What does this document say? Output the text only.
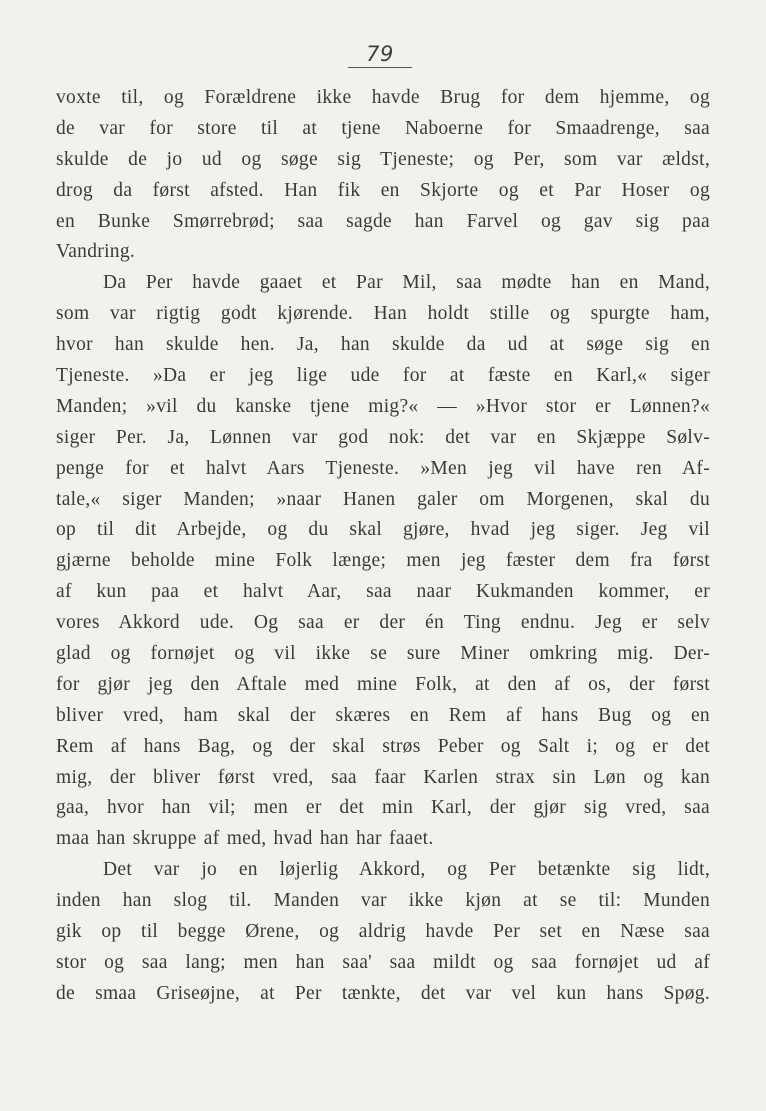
79
voxte til, og Forældrene ikke havde Brug for dem hjemme, og
de var for store til at tjene Naboerne for Smaadrenge, saa
skulde de jo ud og søge sig Tjeneste; og Per, som var ældst,
drog da først afsted. Han fik en Skjorte og et Par Hoser og
en Bunke Smørrebrød; saa sagde han Farvel og gav sig paa
Vandring.
Da Per havde gaaet et Par Mil, saa mødte han en Mand,
som var rigtig godt kjørende. Han holdt stille og spurgte ham,
hvor han skulde hen. Ja, han skulde da ud at søge sig en
Tjeneste. »Da er jeg lige ude for at fæste en Karl,« siger
Manden; »vil du kanske tjene mig?« — »Hvor stor er Lønnen?«
siger Per. Ja, Lønnen var god nok: det var en Skjæppe Sølv-
penge for et halvt Aars Tjeneste. »Men jeg vil have ren Af-
tale,« siger Manden; »naar Hanen galer om Morgenen, skal du
op til dit Arbejde, og du skal gjøre, hvad jeg siger. Jeg vil
gjærne beholde mine Folk længe; men jeg fæster dem fra først
af kun paa et halvt Aar, saa naar Kukmanden kommer, er
vores Akkord ude. Og saa er der én Ting endnu. Jeg er selv
glad og fornøjet og vil ikke se sure Miner omkring mig. Der-
for gjør jeg den Aftale med mine Folk, at den af os, der først
bliver vred, ham skal der skæres en Rem af hans Bug og en
Rem af hans Bag, og der skal strøs Peber og Salt i; og er det
mig, der bliver først vred, saa faar Karlen strax sin Løn og kan
gaa, hvor han vil; men er det min Karl, der gjør sig vred, saa
maa han skruppe af med, hvad han har faaet.
Det var jo en løjerlig Akkord, og Per betænkte sig lidt,
inden han slog til. Manden var ikke kjøn at se til: Munden
gik op til begge Ørene, og aldrig havde Per set en Næse saa
stor og saa lang; men han saa' saa mildt og saa fornøjet ud af
de smaa Griseøjne, at Per tænkte, det var vel kun hans Spøg.
